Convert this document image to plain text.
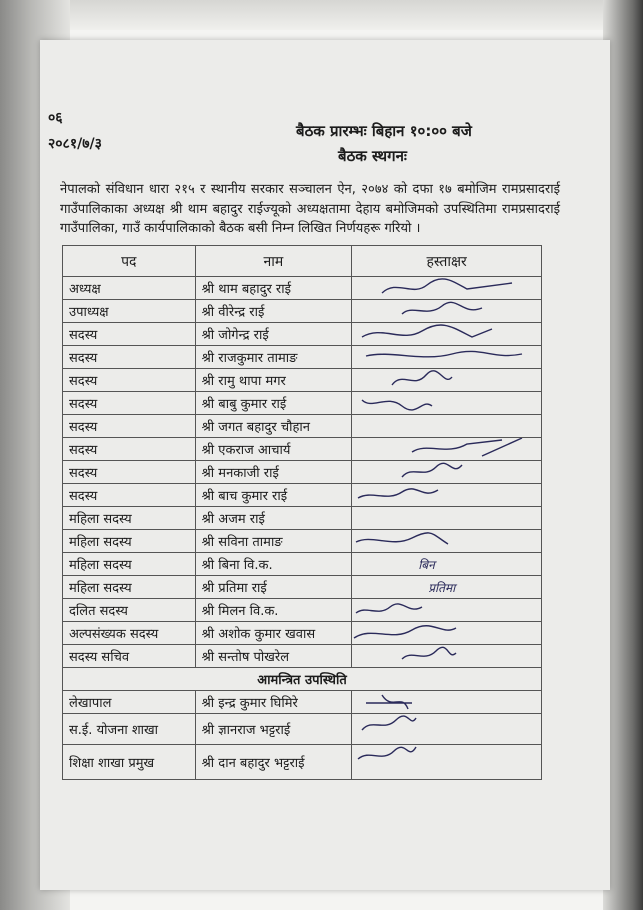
०६
२०८१/७/३
बैठक प्रारम्भः बिहान १०:०० बजे
बैठक स्थगनः
नेपालको संविधान धारा २१५ र स्थानीय सरकार सञ्चालन ऐन, २०७४ को दफा १७ बमोजिम रामप्रसादराई गाउँपालिकाका अध्यक्ष श्री थाम बहादुर राईज्यूको अध्यक्षतामा देहाय बमोजिमको उपस्थितिमा रामप्रसादराई गाउँपालिका, गाउँ कार्यपालिकाको बैठक बसी निम्न लिखित निर्णयहरू गरियो ।
पद	नाम	हस्ताक्षर
अध्यक्ष	श्री थाम बहादुर राई	

उपाध्यक्ष	श्री वीरेन्द्र राई	

सदस्य	श्री जोगेन्द्र राई	

सदस्य	श्री राजकुमार तामाङ	

सदस्य	श्री रामु थापा मगर	

सदस्य	श्री बाबु कुमार राई	

सदस्य	श्री जगत बहादुर चौहान	
सदस्य	श्री एकराज आचार्य	

सदस्य	श्री मनकाजी राई	

सदस्य	श्री बाच कुमार राई	

महिला सदस्य	श्री अजम राई	
महिला सदस्य	श्री सविना तामाङ	

महिला सदस्य	श्री बिना वि.क.	बिन
महिला सदस्य	श्री प्रतिमा राई	प्रतिमा
दलित सदस्य	श्री मिलन वि.क.	

अल्पसंख्यक सदस्य	श्री अशोक कुमार खवास	

सदस्य सचिव	श्री सन्तोष पोखरेल	

आमन्त्रित उपस्थिति		
लेखापाल	श्री इन्द्र कुमार घिमिरे	

स.ई. योजना शाखा	श्री ज्ञानराज भट्टराई	

शिक्षा शाखा प्रमुख	श्री दान बहादुर भट्टराई	
